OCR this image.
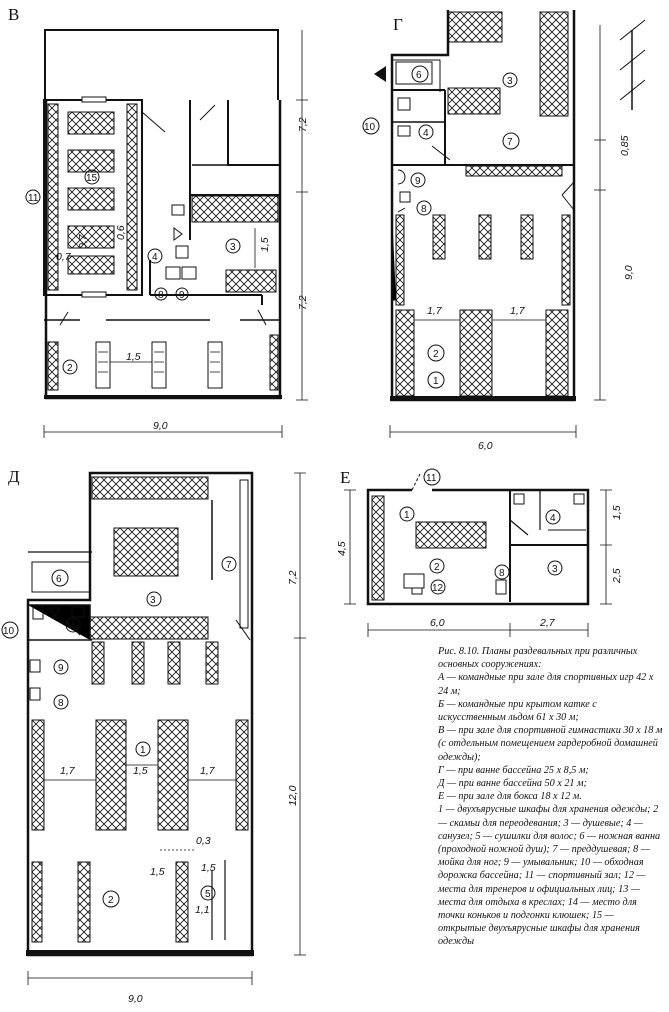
В
11
15
4
8 9
3
2
7,2
7,2
9,0
1,5
1,5
0,7
0,7
0,6
Г
6
10
4
3
7
9
8
2
1
0,85
9,0
6,0
1,7	1,7
Д
3
7
6
10	4
9
8
1
2
5
7,2
12,0
9,0
1,7	1,5	1,7
0,3
1,5	1,5
1,1
Е	11
1	4
2
8	3
12
4,5
1,5
2,5
6,0	2,7
Рис. 8.10. Планы раздевальных при различных основных сооружениях:
А — командные при зале для спортивных игр 42 х 24 м;
Б — командные при крытом катке с искусственным льдом 61 х 30 м;
В — при зале для спортивной гимнастики 30 х 18 м (с отдельным помещением гардеробной домашней одежды);
Г — при ванне бассейна 25 х 8,5 м;
Д — при ванне бассейна 50 х 21 м;
Е — при зале для бокса 18 х 12 м.
1 — двухъярусные шкафы для хранения одежды; 2 — скамьи для переодевания; 3 — душевые; 4 — санузел; 5 — сушилки для волос; 6 — ножная ванна (проходной ножной душ); 7 — преддушевая; 8 — мойка для ног; 9 — умывальник; 10 — обходная дорожка бассейна; 11 — спортивный зал; 12 — места для тренеров и официальных лиц; 13 — места для отдыха в креслах; 14 — место для точки коньков и подгонки клюшек; 15 — открытые двухъярусные шкафы для хранения одежды
